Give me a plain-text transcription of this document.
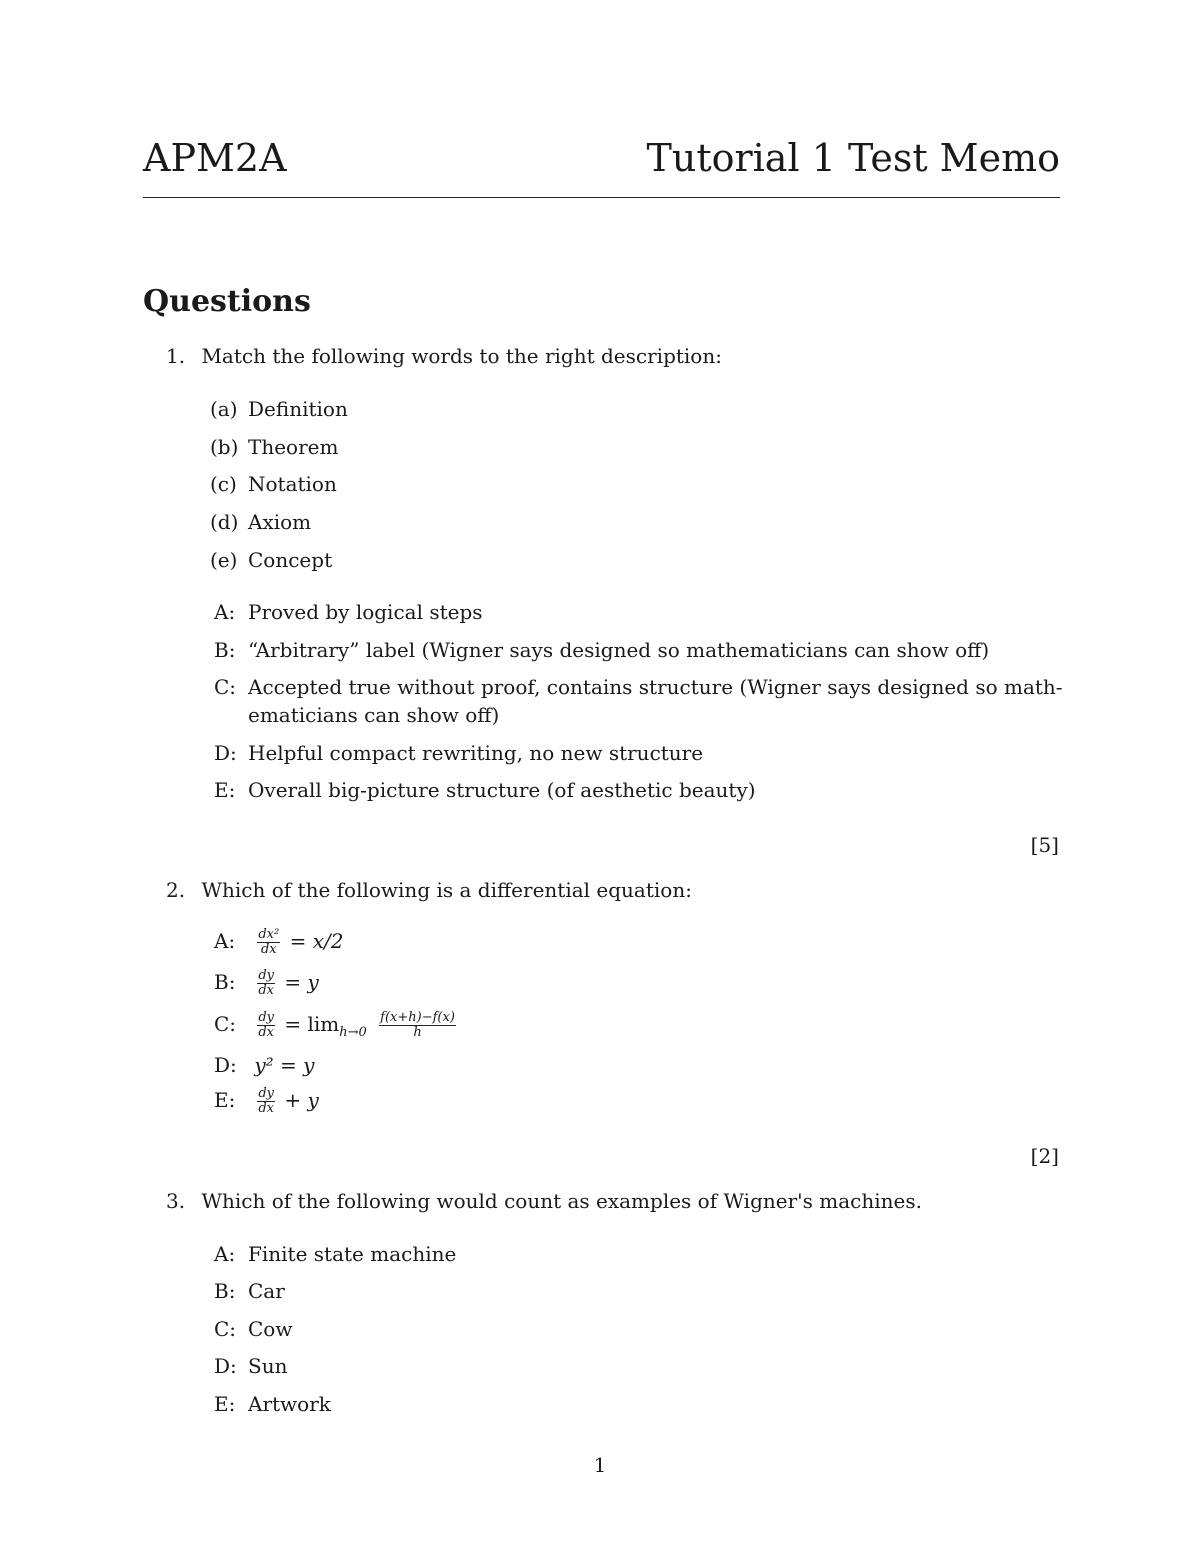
APM2A	Tutorial 1 Test Memo
Questions
1. Match the following words to the right description:
(a) Definition
(b) Theorem
(c) Notation
(d) Axiom
(e) Concept
A: Proved by logical steps
B: “Arbitrary” label (Wigner says designed so mathematicians can show off)
C: Accepted true without proof, contains structure (Wigner says designed so math-
ematicians can show off)
D: Helpful compact rewriting, no new structure
E: Overall big-picture structure (of aesthetic beauty)
[5]
2. Which of the following is a differential equation:
A: $\frac{\text{dx²}}{dx} = x/2$
B: $\frac{dy}{dx} = y$
C: $\frac{dy}{dx} = \lim_{h\to 0} \frac{f(x+h)-f(x)}{h}$
D: y² = y
E: $\frac{dy}{dx} + y$
[2]
3. Which of the following would count as examples of Wigner's machines.
A: Finite state machine
B: Car
C: Cow
D: Sun
E: Artwork
1
